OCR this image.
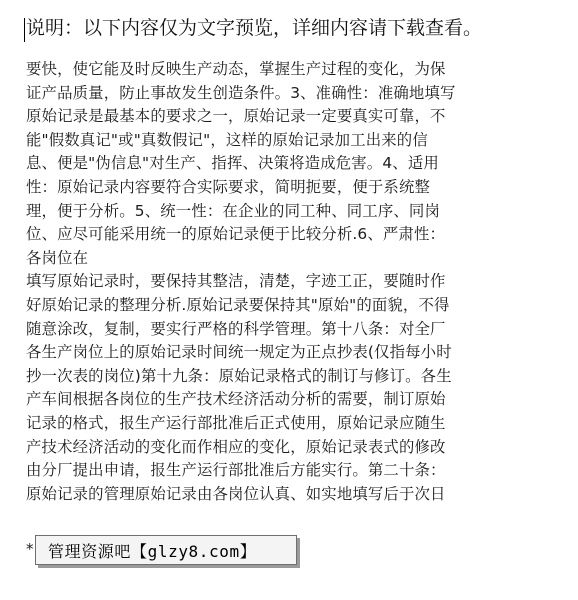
说明：以下内容仅为文字预览，详细内容请下载查看。
要快，使它能及时反映生产动态，掌握生产过程的变化，为保
证产品质量，防止事故发生创造条件。3、准确性：准确地填写
原始记录是最基本的要求之一，原始记录一定要真实可靠，不
能"假数真记"或"真数假记"，这样的原始记录加工出来的信
息、便是"伪信息"对生产、指挥、决策将造成危害。4、适用
性：原始记录内容要符合实际要求，简明扼要，便于系统整
理，便于分析。5、统一性：在企业的同工种、同工序、同岗
位、应尽可能采用统一的原始记录便于比较分析.6、严肃性：
各岗位在
填写原始记录时，要保持其整洁，清楚，字迹工正，要随时作
好原始记录的整理分析.原始记录要保持其"原始"的面貌，不得
随意涂改，复制，要实行严格的科学管理。第十八条：对全厂
各生产岗位上的原始记录时间统一规定为正点抄表(仅指每小时
抄一次表的岗位)第十九条：原始记录格式的制订与修订。各生
产车间根据各岗位的生产技术经济活动分析的需要，制订原始
记录的格式，报生产运行部批准后正式使用，原始记录应随生
产技术经济活动的变化而作相应的变化，原始记录表式的修改
由分厂提出申请，报生产运行部批准后方能实行。第二十条：
原始记录的管理原始记录由各岗位认真、如实地填写后于次日
* 管理资源吧【glzy8.com】
